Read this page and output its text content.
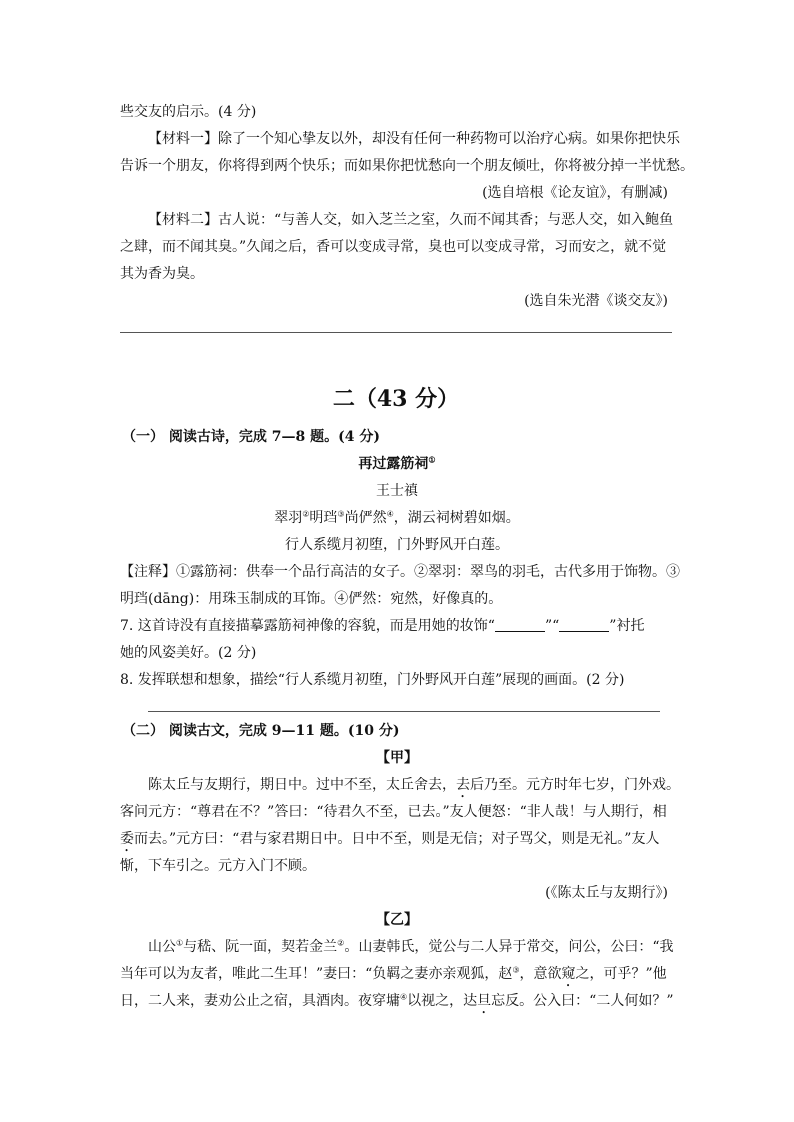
些交友的启示。(4 分)
【材料一】除了一个知心挚友以外，却没有任何一种药物可以治疗心病。如果你把快乐
告诉一个朋友，你将得到两个快乐；而如果你把忧愁向一个朋友倾吐，你将被分掉一半忧愁。
(选自培根《论友谊》，有删减)
【材料二】古人说：“与善人交，如入芝兰之室，久而不闻其香；与恶人交，如入鲍鱼
之肆，而不闻其臭。”久闻之后，香可以变成寻常，臭也可以变成寻常，习而安之，就不觉
其为香为臭。
(选自朱光潜《谈交友》)
二（43 分）
（一） 阅读古诗，完成 7—8 题。(4 分)
再过露筋祠①
王士禛
翠羽②明珰③尚俨然④，湖云祠树碧如烟。
行人系缆月初堕，门外野风开白莲。
【注释】①露筋祠：供奉一个品行高洁的女子。②翠羽：翠鸟的羽毛，古代多用于饰物。③
明珰(dāng)：用珠玉制成的耳饰。④俨然：宛然，好像真的。
7. 这首诗没有直接描摹露筋祠神像的容貌，而是用她的妆饰“	”“	”衬托
她的风姿美好。(2 分)
8. 发挥联想和想象，描绘“行人系缆月初堕，门外野风开白莲”展现的画面。(2 分)
（二） 阅读古文，完成 9—11 题。(10 分)
【甲】
陈太丘与友期行，期日中。过中不至，太丘舍去，去后乃至。元方时年七岁，门外戏。
客问元方：“尊君在不？”答曰：“待君久不至，已去。”友人便怒：“非人哉！与人期行，相
委而去。”元方曰：“君与家君期日中。日中不至，则是无信；对子骂父，则是无礼。”友人
惭，下车引之。元方入门不顾。
(《陈太丘与友期行》)
【乙】
山公①与嵇、阮一面，契若金兰②。山妻韩氏，觉公与二人异于常交，问公，公曰：“我
当年可以为友者，唯此二生耳！”妻曰：“负羁之妻亦亲观狐，赵③，意欲窥之，可乎？”他
日，二人来，妻劝公止之宿，具酒肉。夜穿墉④以视之，达旦忘反。公入曰：“二人何如？”
